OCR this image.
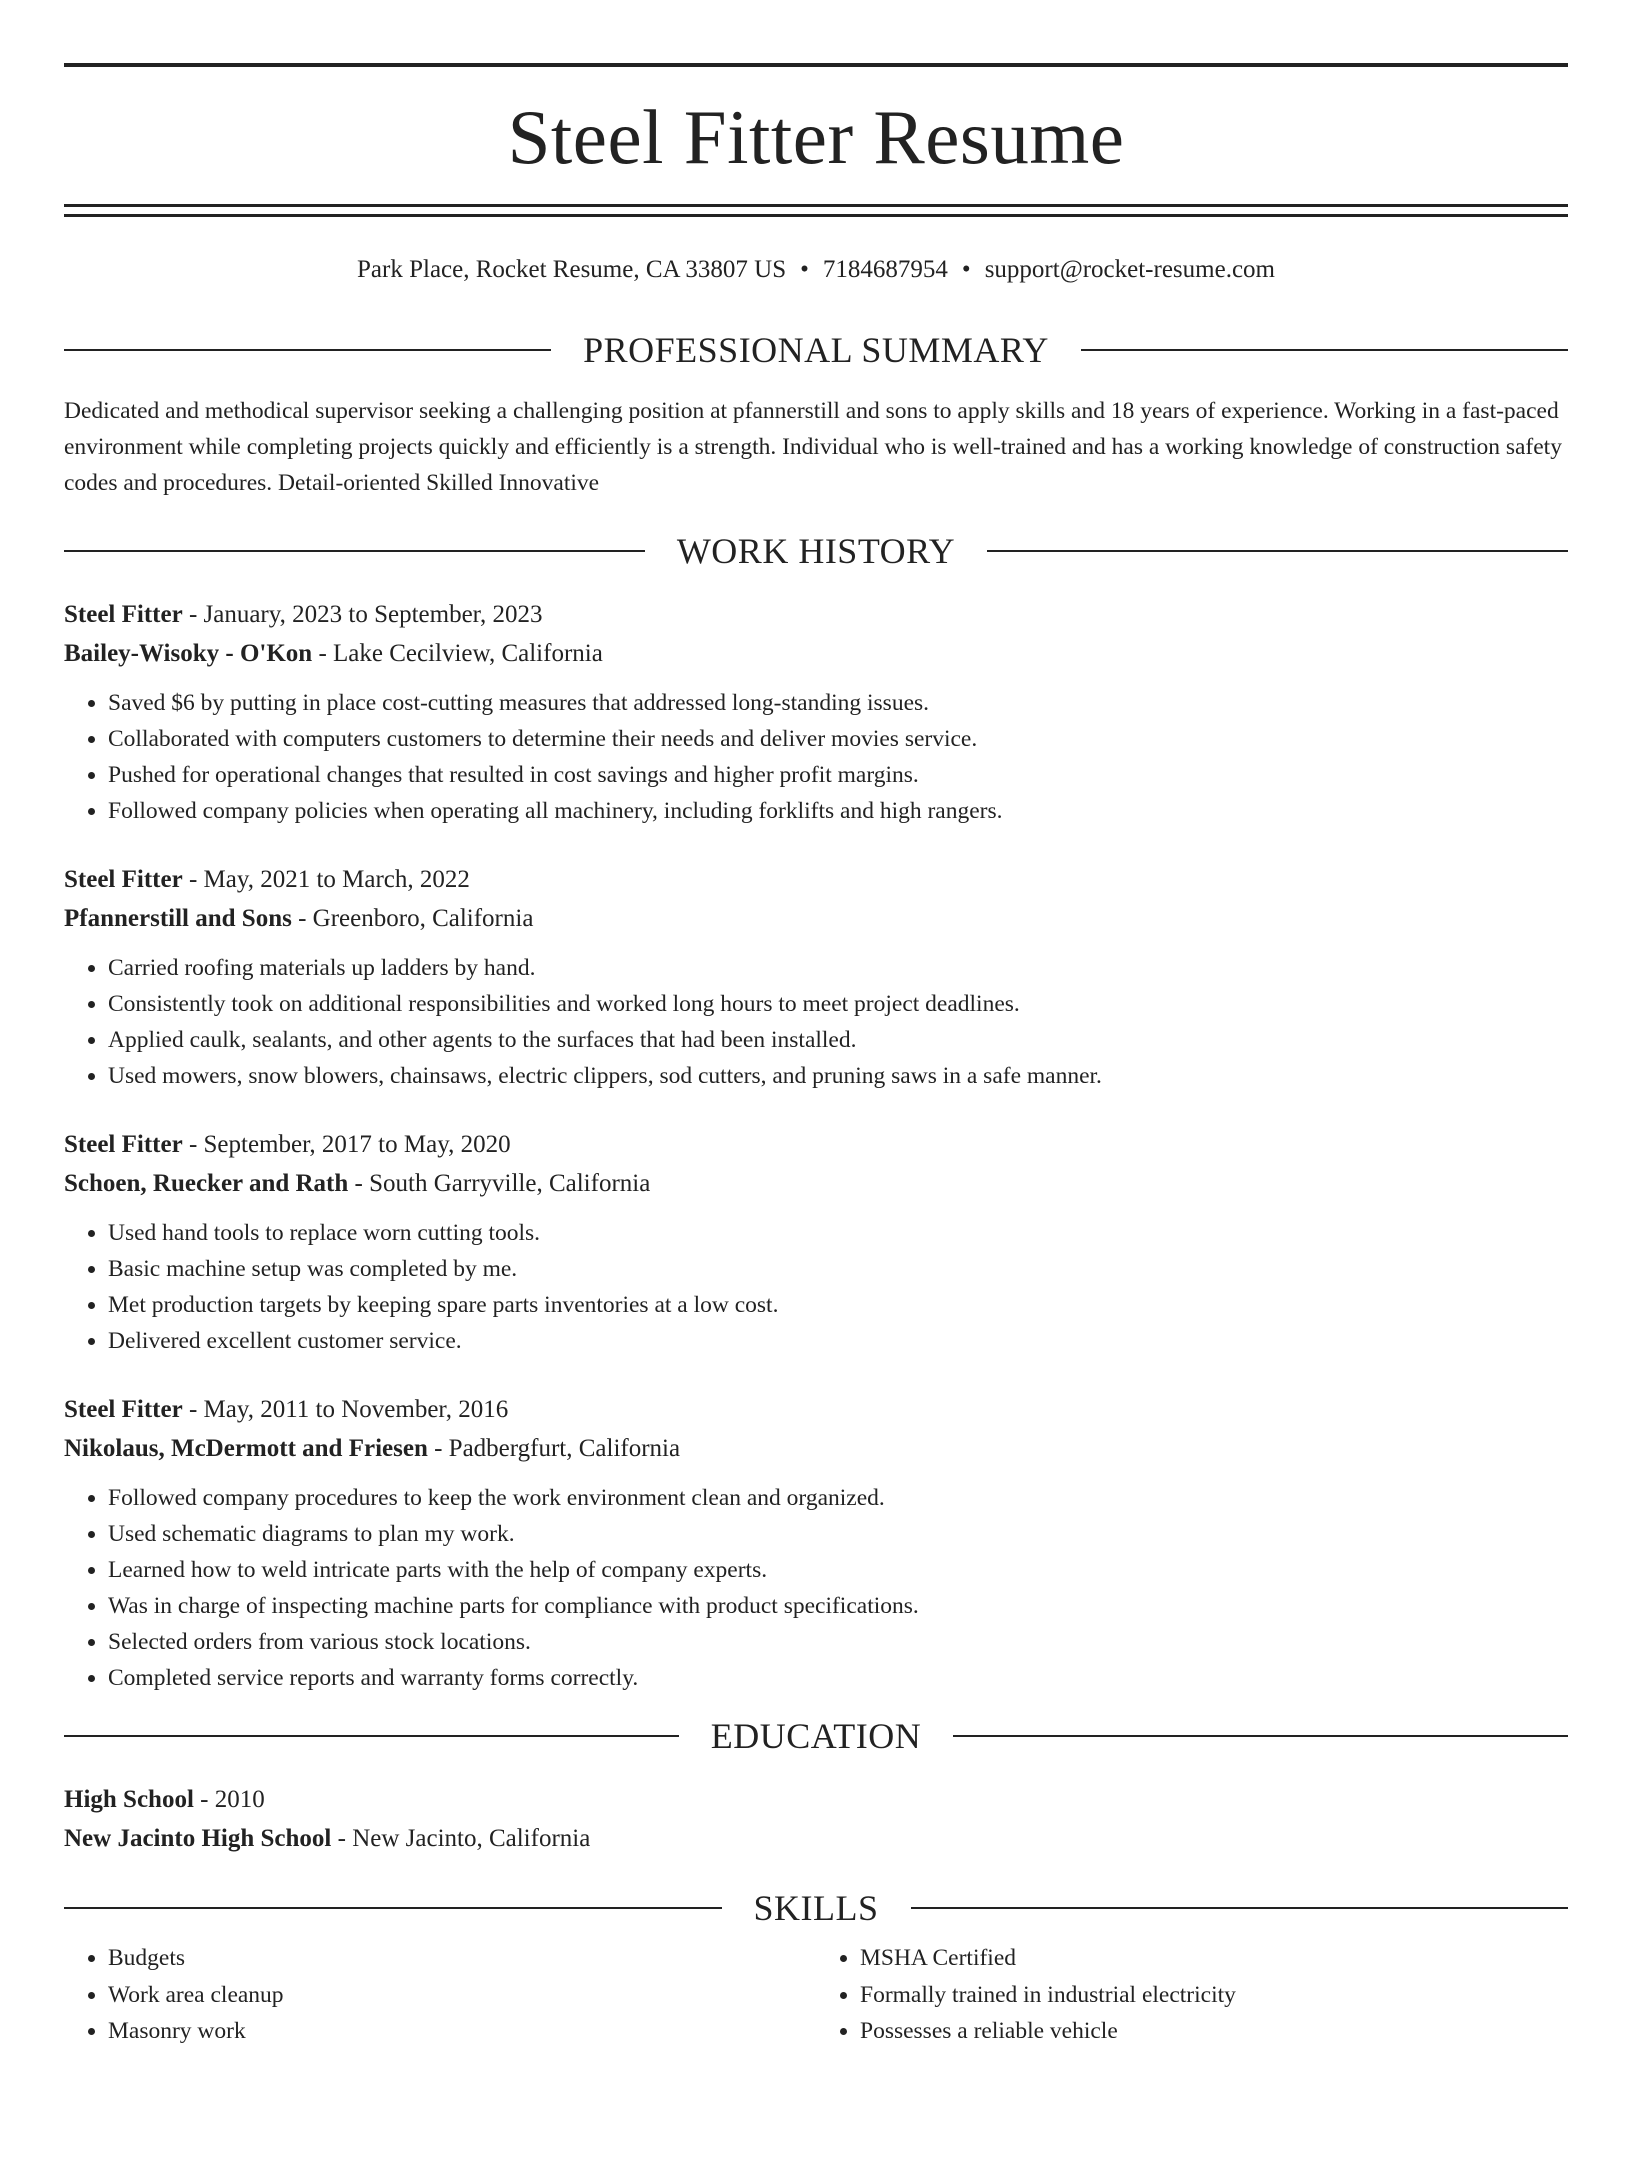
Steel Fitter Resume
Park Place, Rocket Resume, CA 33807 US • 7184687954 • support@rocket-resume.com
PROFESSIONAL SUMMARY
Dedicated and methodical supervisor seeking a challenging position at pfannerstill and sons to apply skills and 18 years of experience. Working in a fast-paced environment while completing projects quickly and efficiently is a strength. Individual who is well-trained and has a working knowledge of construction safety codes and procedures. Detail-oriented Skilled Innovative
WORK HISTORY
Steel Fitter - January, 2023 to September, 2023
Bailey-Wisoky - O'Kon - Lake Cecilview, California
• Saved $6 by putting in place cost-cutting measures that addressed long-standing issues.
• Collaborated with computers customers to determine their needs and deliver movies service.
• Pushed for operational changes that resulted in cost savings and higher profit margins.
• Followed company policies when operating all machinery, including forklifts and high rangers.
Steel Fitter - May, 2021 to March, 2022
Pfannerstill and Sons - Greenboro, California
• Carried roofing materials up ladders by hand.
• Consistently took on additional responsibilities and worked long hours to meet project deadlines.
• Applied caulk, sealants, and other agents to the surfaces that had been installed.
• Used mowers, snow blowers, chainsaws, electric clippers, sod cutters, and pruning saws in a safe manner.
Steel Fitter - September, 2017 to May, 2020
Schoen, Ruecker and Rath - South Garryville, California
• Used hand tools to replace worn cutting tools.
• Basic machine setup was completed by me.
• Met production targets by keeping spare parts inventories at a low cost.
• Delivered excellent customer service.
Steel Fitter - May, 2011 to November, 2016
Nikolaus, McDermott and Friesen - Padbergfurt, California
• Followed company procedures to keep the work environment clean and organized.
• Used schematic diagrams to plan my work.
• Learned how to weld intricate parts with the help of company experts.
• Was in charge of inspecting machine parts for compliance with product specifications.
• Selected orders from various stock locations.
• Completed service reports and warranty forms correctly.
EDUCATION
High School - 2010
New Jacinto High School - New Jacinto, California
SKILLS
• Budgets
• Work area cleanup
• Masonry work
• MSHA Certified
• Formally trained in industrial electricity
• Possesses a reliable vehicle
